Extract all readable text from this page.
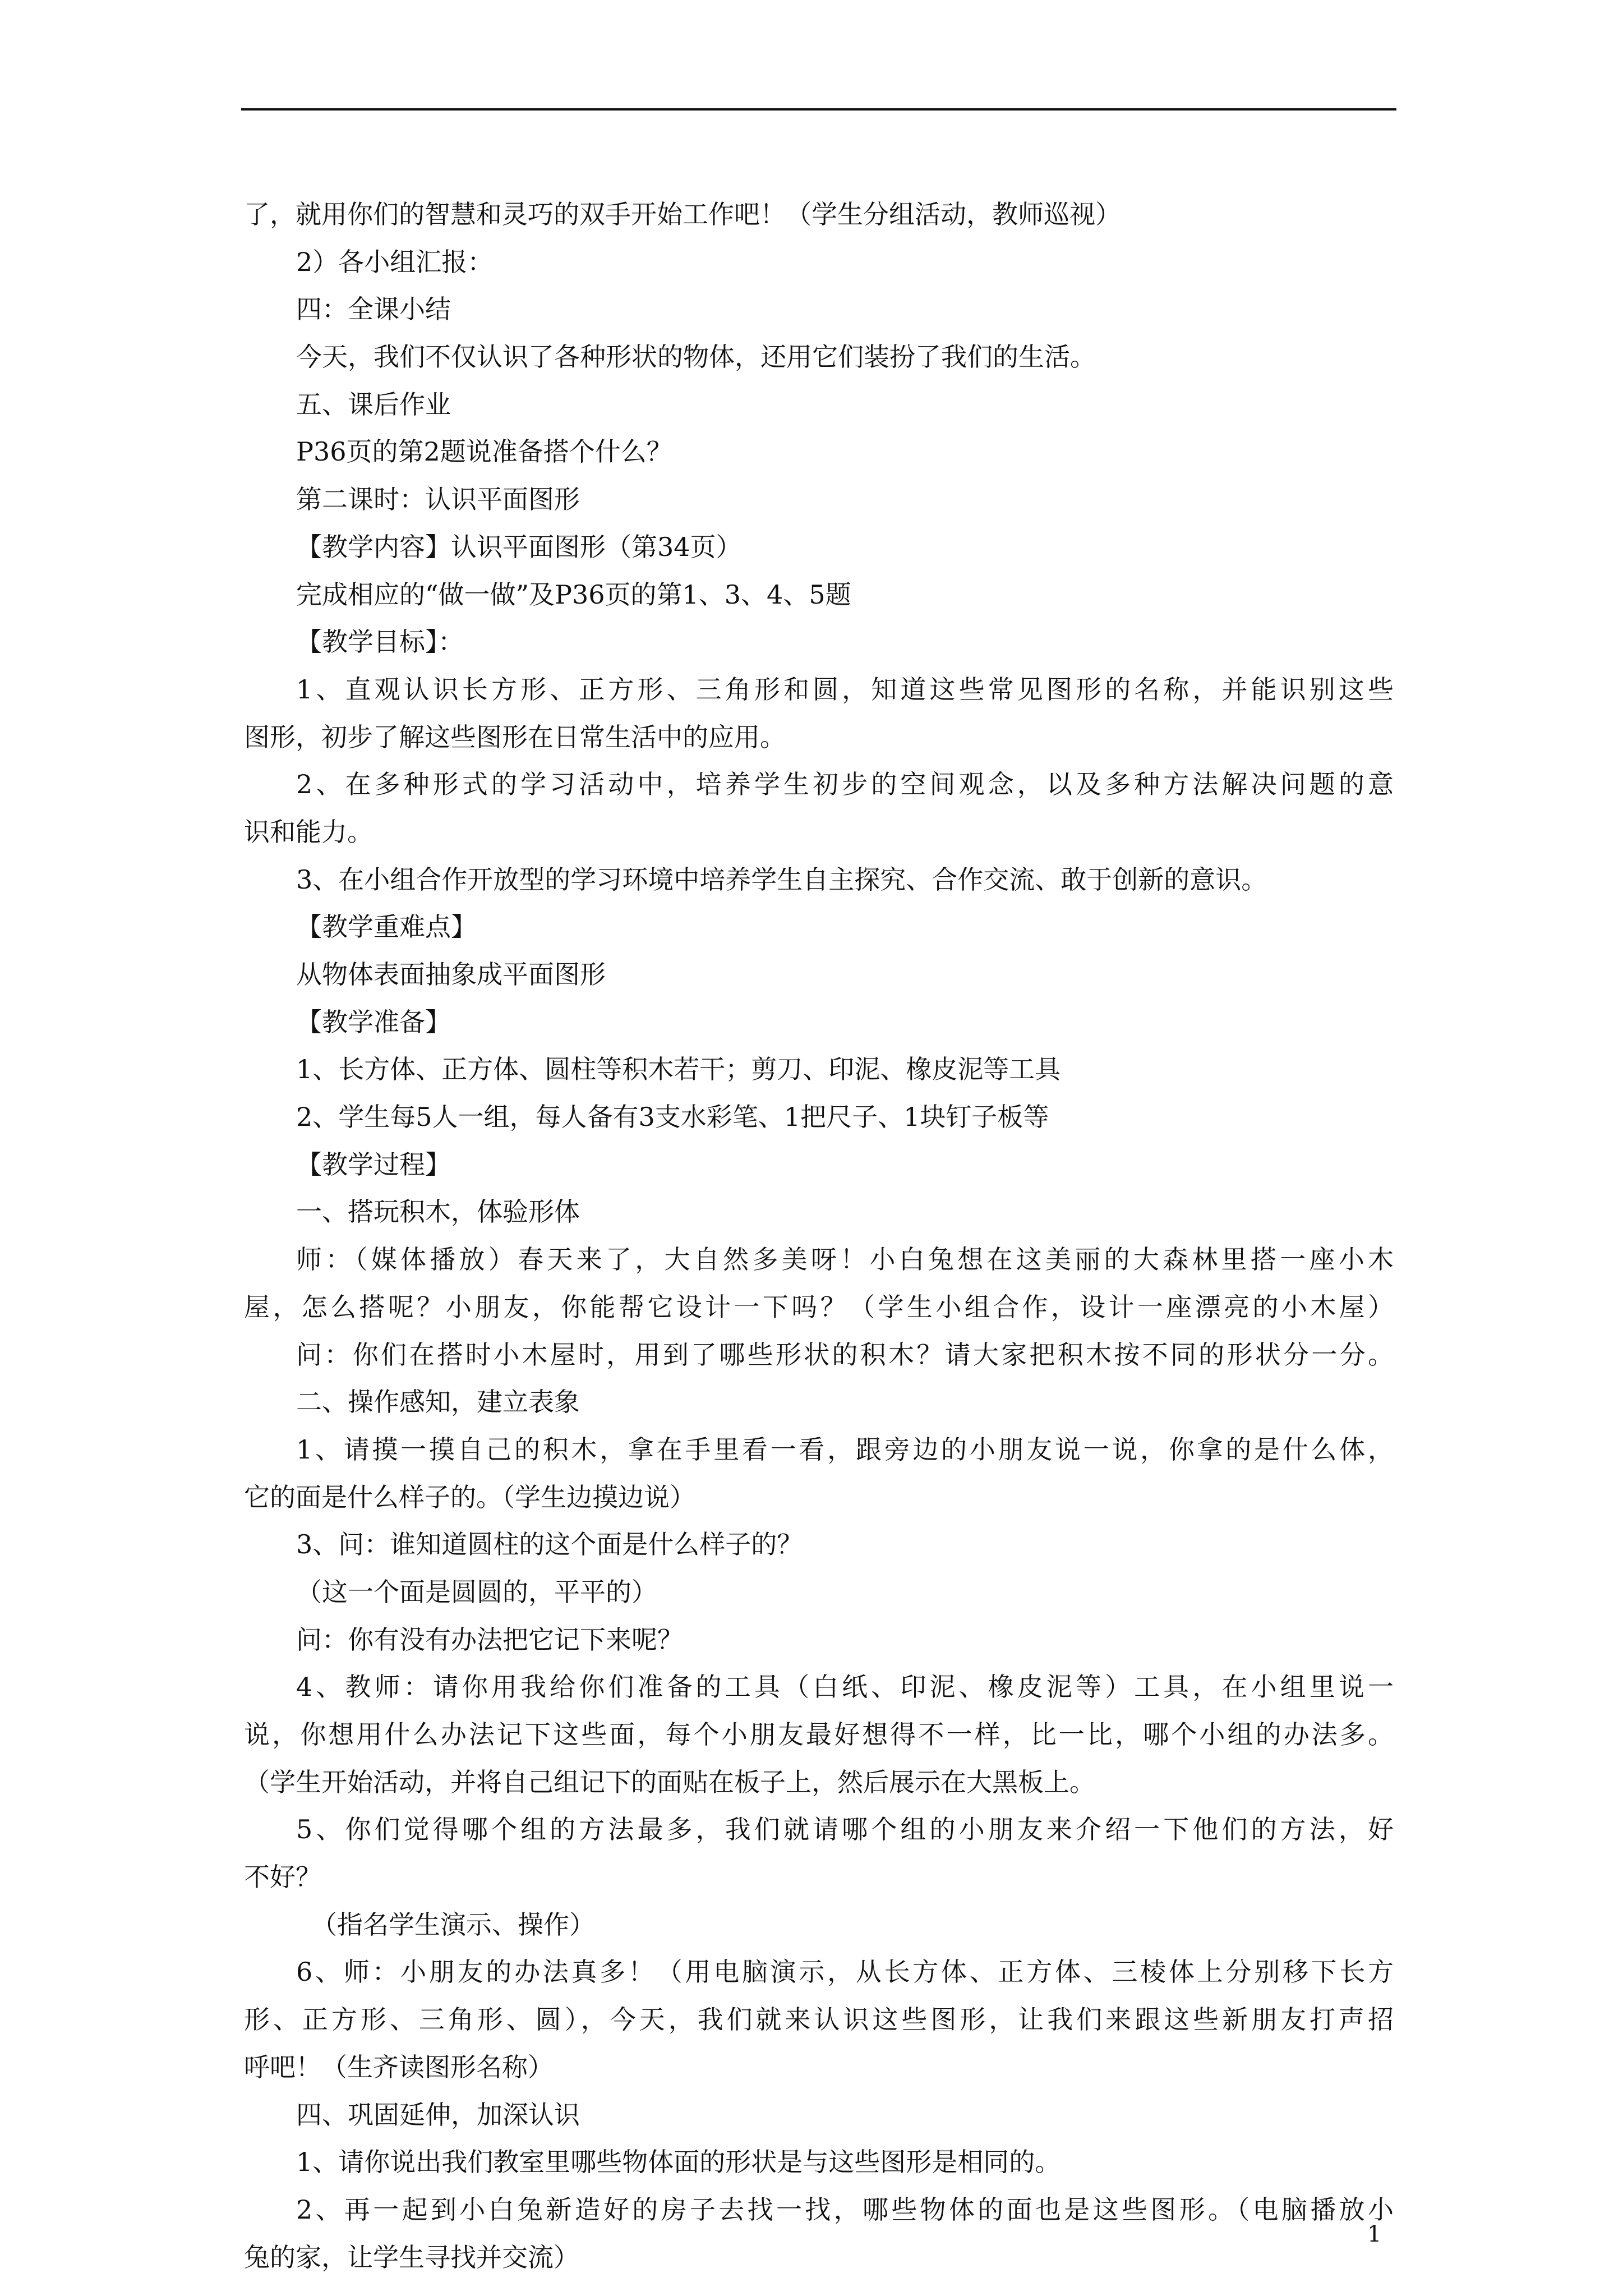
了，就用你们的智慧和灵巧的双手开始工作吧！（学生分组活动，教师巡视）
2）各小组汇报：
四：全课小结
今天，我们不仅认识了各种形状的物体，还用它们装扮了我们的生活。
五、课后作业
P36页的第2题说准备搭个什么？
第二课时：认识平面图形
【教学内容】认识平面图形（第34页）
完成相应的“做一做”及P36页的第1、3、4、5题
【教学目标】：
1、直观认识长方形、正方形、三角形和圆，知道这些常见图形的名称，并能识别这些
图形，初步了解这些图形在日常生活中的应用。
2、在多种形式的学习活动中，培养学生初步的空间观念，以及多种方法解决问题的意
识和能力。
3、在小组合作开放型的学习环境中培养学生自主探究、合作交流、敢于创新的意识。
【教学重难点】
从物体表面抽象成平面图形
【教学准备】
1、长方体、正方体、圆柱等积木若干；剪刀、印泥、橡皮泥等工具
2、学生每5人一组，每人备有3支水彩笔、1把尺子、1块钉子板等
【教学过程】
一、搭玩积木，体验形体
师：（媒体播放）春天来了，大自然多美呀！小白兔想在这美丽的大森林里搭一座小木
屋，怎么搭呢？小朋友，你能帮它设计一下吗？（学生小组合作，设计一座漂亮的小木屋）
问：你们在搭时小木屋时，用到了哪些形状的积木？请大家把积木按不同的形状分一分。
二、操作感知，建立表象
1、请摸一摸自己的积木，拿在手里看一看，跟旁边的小朋友说一说，你拿的是什么体，
它的面是什么样子的。（学生边摸边说）
3、问：谁知道圆柱的这个面是什么样子的？
（这一个面是圆圆的，平平的）
问：你有没有办法把它记下来呢？
4、教师：请你用我给你们准备的工具（白纸、印泥、橡皮泥等）工具，在小组里说一
说，你想用什么办法记下这些面，每个小朋友最好想得不一样，比一比，哪个小组的办法多。
（学生开始活动，并将自己组记下的面贴在板子上，然后展示在大黑板上。
5、你们觉得哪个组的方法最多，我们就请哪个组的小朋友来介绍一下他们的方法，好
不好？
（指名学生演示、操作）
6、师：小朋友的办法真多！（用电脑演示，从长方体、正方体、三棱体上分别移下长方
形、正方形、三角形、圆），今天，我们就来认识这些图形，让我们来跟这些新朋友打声招
呼吧！（生齐读图形名称）
四、巩固延伸，加深认识
1、请你说出我们教室里哪些物体面的形状是与这些图形是相同的。
2、再一起到小白兔新造好的房子去找一找，哪些物体的面也是这些图形。（电脑播放小
兔的家，让学生寻找并交流）
1
